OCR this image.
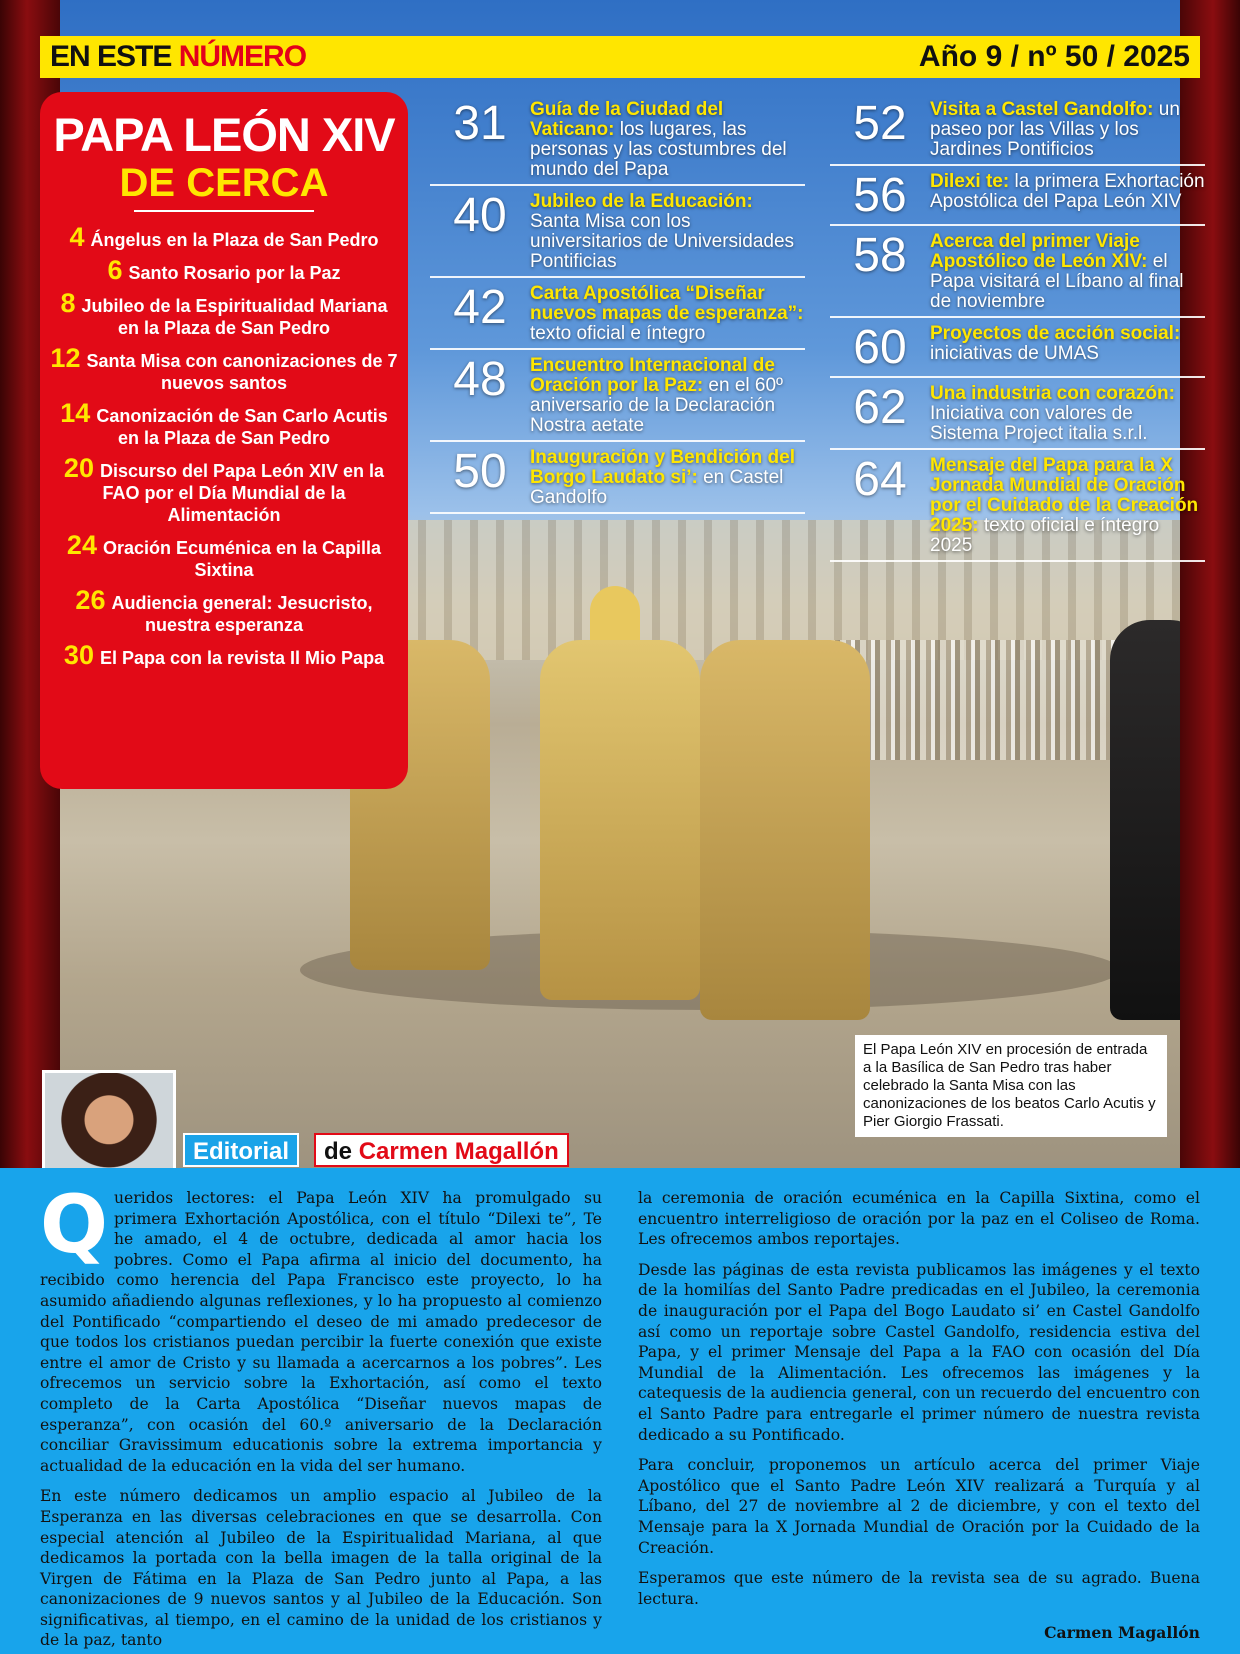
EN ESTE NÚMERO	Año 9 / nº 50 / 2025
PAPA LEÓN XIV
DE CERCA
4 Ángelus en la Plaza de San Pedro
6 Santo Rosario por la Paz
8 Jubileo de la Espiritualidad Mariana en la Plaza de San Pedro
12 Santa Misa con canonizaciones de 7 nuevos santos
14 Canonización de San Carlo Acutis en la Plaza de San Pedro
20 Discurso del Papa León XIV en la FAO por el Día Mundial de la Alimentación
24 Oración Ecuménica en la Capilla Sixtina
26 Audiencia general: Jesucristo, nuestra esperanza
30 El Papa con la revista Il Mio Papa
31	Guía de la Ciudad del Vaticano: los lugares, las personas y las costumbres del mundo del Papa
40	Jubileo de la Educación: Santa Misa con los universitarios de Universidades Pontificias
42	Carta Apostólica “Diseñar nuevos mapas de esperanza”: texto oficial e íntegro
48	Encuentro Internacional de Oración por la Paz: en el 60º aniversario de la Declaración Nostra aetate
50	Inauguración y Bendición del Borgo Laudato si’: en Castel Gandolfo
52	Visita a Castel Gandolfo: un paseo por las Villas y los Jardines Pontificios
56	Dilexi te: la primera Exhortación Apostólica del Papa León XIV
58	Acerca del primer Viaje Apostólico de León XIV: el Papa visitará el Líbano al final de noviembre
60	Proyectos de acción social: iniciativas de UMAS
62	Una industria con corazón: Iniciativa con valores de Sistema Project italia s.r.l.
64	Mensaje del Papa para la X Jornada Mundial de Oración por el Cuidado de la Creación 2025: texto oficial e íntegro 2025
El Papa León XIV en procesión de entrada a la Basílica de San Pedro tras haber celebrado la Santa Misa con las canonizaciones de los beatos Carlo Acutis y Pier Giorgio Frassati.
Editorial	de Carmen Magallón

Queridos lectores: el Papa León XIV ha promulgado su primera Exhortación Apostólica, con el título “Dilexi te”, Te he amado, el 4 de octubre, dedicada al amor hacia los pobres. Como el Papa afirma al inicio del documento, ha recibido como herencia del Papa Francisco este proyecto, lo ha asumido añadiendo algunas reflexiones, y lo ha propuesto al comienzo del Pontificado “compartiendo el deseo de mi amado predecesor de que todos los cristianos puedan percibir la fuerte conexión que existe entre el amor de Cristo y su llamada a acercarnos a los pobres”. Les ofrecemos un servicio sobre la Exhortación, así como el texto completo de la Carta Apostólica “Diseñar nuevos mapas de esperanza”, con ocasión del 60.º aniversario de la Declaración conciliar Gravissimum educationis sobre la extrema importancia y actualidad de la educación en la vida del ser humano.

En este número dedicamos un amplio espacio al Jubileo de la Esperanza en las diversas celebraciones en que se desarrolla. Con especial atención al Jubileo de la Espiritualidad Mariana, al que dedicamos la portada con la bella imagen de la talla original de la Virgen de Fátima en la Plaza de San Pedro junto al Papa, a las canonizaciones de 9 nuevos santos y al Jubileo de la Educación. Son significativas, al tiempo, en el camino de la unidad de los cristianos y de la paz, tanto

la ceremonia de oración ecuménica en la Capilla Sixtina, como el encuentro interreligioso de oración por la paz en el Coliseo de Roma. Les ofrecemos ambos reportajes.

Desde las páginas de esta revista publicamos las imágenes y el texto de la homilías del Santo Padre predicadas en el Jubileo, la ceremonia de inauguración por el Papa del Bogo Laudato si’ en Castel Gandolfo así como un reportaje sobre Castel Gandolfo, residencia estiva del Papa, y el primer Mensaje del Papa a la FAO con ocasión del Día Mundial de la Alimentación. Les ofrecemos las imágenes y la catequesis de la audiencia general, con un recuerdo del encuentro con el Santo Padre para entregarle el primer número de nuestra revista dedicado a su Pontificado.

Para concluir, proponemos un artículo acerca del primer Viaje Apostólico que el Santo Padre León XIV realizará a Turquía y al Líbano, del 27 de noviembre al 2 de diciembre, y con el texto del Mensaje para la X Jornada Mundial de Oración por la Cuidado de la Creación.

Esperamos que este número de la revista sea de su agrado. Buena lectura.

Carmen Magallón
